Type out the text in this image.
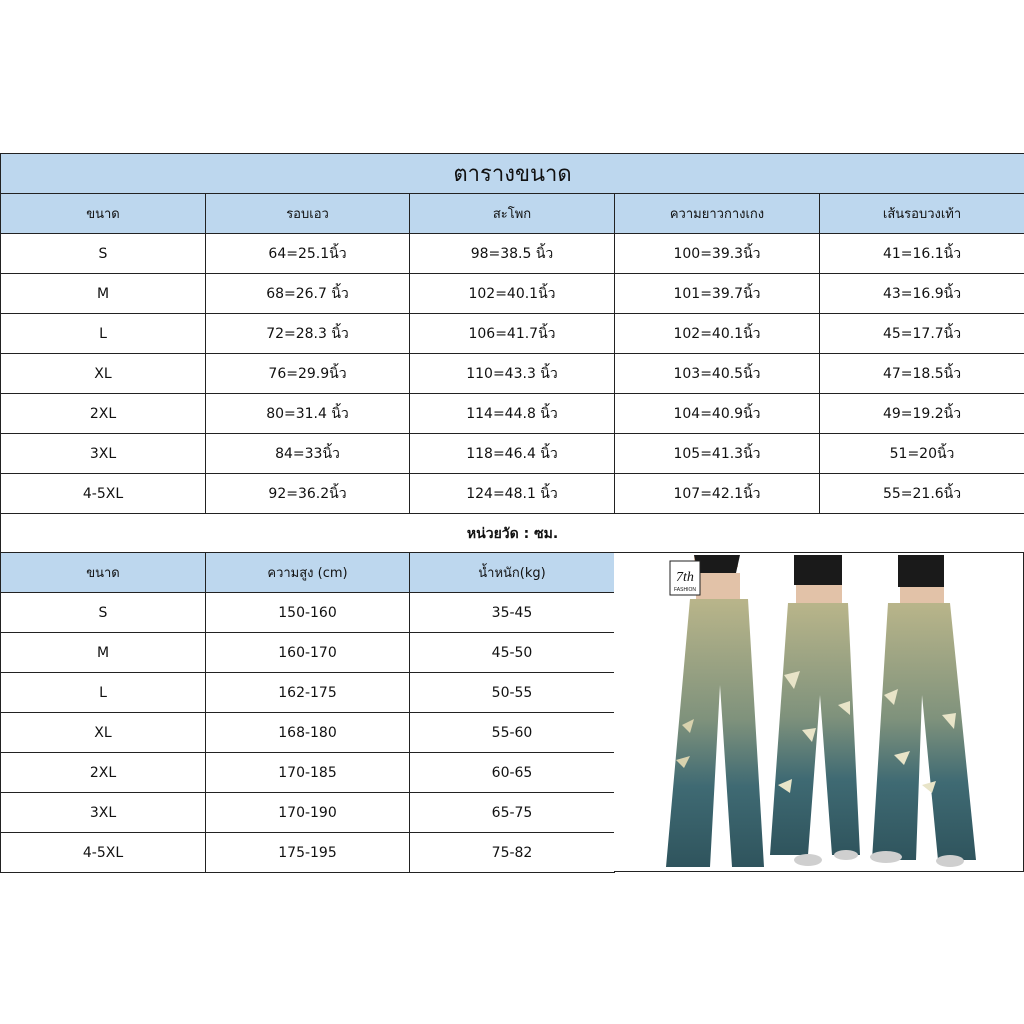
ตารางขนาด				
ขนาด	รอบเอว	สะโพก	ความยาวกางเกง	เส้นรอบวงเท้า
S	64=25.1นิ้ว	98=38.5 นิ้ว	100=39.3นิ้ว	41=16.1นิ้ว
M	68=26.7 นิ้ว	102=40.1นิ้ว	101=39.7นิ้ว	43=16.9นิ้ว
L	72=28.3 นิ้ว	106=41.7นิ้ว	102=40.1นิ้ว	45=17.7นิ้ว
XL	76=29.9นิ้ว	110=43.3 นิ้ว	103=40.5นิ้ว	47=18.5นิ้ว
2XL	80=31.4 นิ้ว	114=44.8 นิ้ว	104=40.9นิ้ว	49=19.2นิ้ว
3XL	84=33นิ้ว	118=46.4 นิ้ว	105=41.3นิ้ว	51=20นิ้ว
4-5XL	92=36.2นิ้ว	124=48.1 นิ้ว	107=42.1นิ้ว	55=21.6นิ้ว
หน่วยวัด : ซม.				
ขนาด	ความสูง (cm)	น้ำหนัก(kg)
S	150-160	35-45
M	160-170	45-50
L	162-175	50-55
XL	168-180	55-60
2XL	170-185	60-65
3XL	170-190	65-75
4-5XL	175-195	75-82
7th
FASHION
